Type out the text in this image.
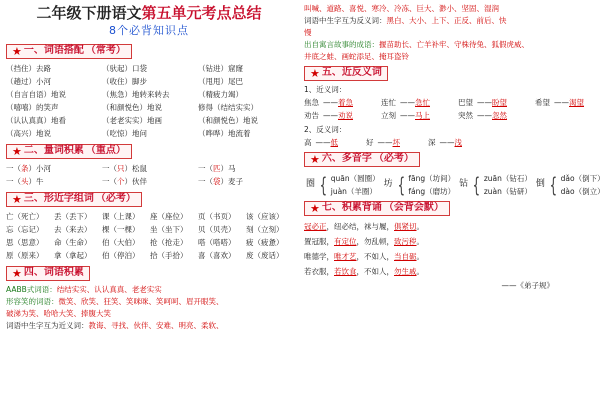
二年级下册语文第五单元考点总结
8个必背知识点
★ 一、词语搭配 （常考）
（挡住）去路	（驮起）口袋	（钻进）窟窿
（趟过）小河	（收住）脚步	（甩甩）尾巴
（自言自语）地说	（焦急）地转来转去	（精疲力竭）
（嘻嘻）的笑声	（和颜悦色）地说	修得（结结实实）
（认认真真）地看	（老老实实）地画	（和颜悦色）地说
（高兴）地说	（吃惊）地问	（哗哗）地流着
★ 二、量词积累 （重点）
一（条）小河	一（只）松鼠	一（匹）马
一（头）牛	一（个）伙伴	一（袋）麦子
★ 三、形近字组词 （必考）
亡（死亡）	丢（丢下）	课（上课）	座（座位）	页（书页）	该（应该）
忘（忘记）	去（来去）	棵（一棵）	坐（坐下）	贝（贝壳）	刻（立刻）
思（思意）	命（生命）	伯（大伯）	抢（抢走）	嗒（嗒嗒）	疲（疲惫）
原（原来）	拿（拿起）	伯（停泊）	拾（手拾）	喜（喜欢）	废（废话）
★ 四、词语积累
AABB式词语：结结实实、认认真真、老老实实
形容笑的词语：微笑、欣笑、狂笑、笑咪咪、笑呵呵、眉开眼笑、
破涕为笑、哈哈大笑、捧腹大笑
词语中生字互为近义词：教诲、寻找、伙伴、安难、明亮、柔软、
叫喊、道路、喜悦、寒冷、冷冻、巨大、渺小、坚固、湿润
词语中生字互为反义词：黑白、大小、上下、正反、前后、快
慢
出自寓言故事的成语：揠苗助长、亡羊补牢、守株待兔、狐假虎威、
井底之蛙、画蛇添足、掩耳盗铃
★ 五、近反义词
1、近义词：
焦急 ——着急	连忙 ——急忙	巴望 ——盼望	希望 ——渴望
劝告 ——劝说	立刻 ——马上	突然 ——忽然
2、反义词：
高 ——低	好 ——坏	深 ——浅
★ 六、多音字 （必考）
圈 { quān（圆圈）
juàn（羊圈）
坊 { fāng（坊间）
fáng（磨坊）
钻 { zuān（钻石）
zuàn（钻研）
倒 { dǎo（倒下）
dào（倒立）
★ 七、积累背诵 （会背会默）
冠必正，纽必结，袜与履，俱紧切。
置冠服，有定位，勿乱顿，致污秽。
唯德学，唯才艺，不如人，当自砺。
若衣服，若饮食，不如人，勿生戚。
——《弟子规》
